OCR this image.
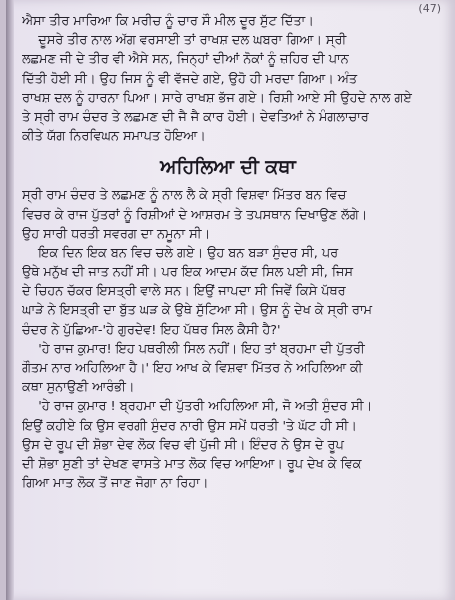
(47)
ਐਸਾ ਤੀਰ ਮਾਰਿਆ ਕਿ ਮਰੀਚ ਨੂੰ ਚਾਰ ਸੌ ਮੀਲ ਦੂਰ ਸੁੱਟ ਦਿੱਤਾ।
ਦੂਸਰੇ ਤੀਰ ਨਾਲ ਅੱਗ ਵਰਸਾਈ ਤਾਂ ਰਾਖਸ਼ ਦਲ ਘਬਰਾ ਗਿਆ। ਸ੍ਰੀ
ਲਛਮਣ ਜੀ ਦੇ ਤੀਰ ਵੀ ਐਸੇ ਸਨ, ਜਿਨ੍ਹਾਂ ਦੀਆਂ ਨੋਕਾਂ ਨੂੰ ਜ਼ਹਿਰ ਦੀ ਪਾਨ
ਦਿੱਤੀ ਹੋਈ ਸੀ। ਉਹ ਜਿਸ ਨੂੰ ਵੀ ਵੱਜਦੇ ਗਏ, ਉਹੋ ਹੀ ਮਰਦਾ ਗਿਆ। ਅੰਤ
ਰਾਖਸ਼ ਦਲ ਨੂੰ ਹਾਰਨਾ ਪਿਆ। ਸਾਰੇ ਰਾਖਸ਼ ਭੱਜ ਗਏ। ਰਿਸ਼ੀ ਆਏ ਸੀ ਉਹਦੇ ਨਾਲ ਗਏ
ਤੇ ਸ੍ਰੀ ਰਾਮ ਚੰਦਰ ਤੇ ਲਛਮਣ ਦੀ ਜੈ ਜੈ ਕਾਰ ਹੋਈ। ਦੇਵਤਿਆਂ ਨੇ ਮੰਗਲਾਚਾਰ
ਕੀਤੇ ਯੱਗ ਨਿਰਵਿਘਨ ਸਮਾਪਤ ਹੋਇਆ।
ਅਹਿਲਿਆ ਦੀ ਕਥਾ
ਸ੍ਰੀ ਰਾਮ ਚੰਦਰ ਤੇ ਲਛਮਣ ਨੂੰ ਨਾਲ ਲੈ ਕੇ ਸ੍ਰੀ ਵਿਸ਼ਵਾ ਮਿੱਤਰ ਬਨ ਵਿਚ
ਵਿਚਰ ਕੇ ਰਾਜ ਪੁੱਤਰਾਂ ਨੂੰ ਰਿਸ਼ੀਆਂ ਦੇ ਆਸ਼ਰਮ ਤੇ ਤਪਸਥਾਨ ਦਿਖਾਉਣ ਲੱਗੇ।
ਉਹ ਸਾਰੀ ਧਰਤੀ ਸਵਰਗ ਦਾ ਨਮੂਨਾ ਸੀ।
ਇਕ ਦਿਨ ਇਕ ਬਨ ਵਿਚ ਚਲੇ ਗਏ। ਉਹ ਬਨ ਬੜਾ ਸੁੰਦਰ ਸੀ, ਪਰ
ਉਥੇ ਮਨੁੱਖ ਦੀ ਜਾਤ ਨਹੀਂ ਸੀ। ਪਰ ਇਕ ਆਦਮ ਕੱਦ ਸਿਲ ਪਈ ਸੀ, ਜਿਸ
ਦੇ ਚਿਹਨ ਚੱਕਰ ਇਸਤ੍ਰੀ ਵਾਲੇ ਸਨ। ਇਉਂ ਜਾਪਦਾ ਸੀ ਜਿਵੇਂ ਕਿਸੇ ਪੱਥਰ
ਘਾੜੇ ਨੇ ਇਸਤ੍ਰੀ ਦਾ ਬੁੱਤ ਘੜ ਕੇ ਉਥੇ ਸੁੱਟਿਆ ਸੀ। ਉਸ ਨੂੰ ਦੇਖ ਕੇ ਸ੍ਰੀ ਰਾਮ
ਚੰਦਰ ਨੇ ਪੁੱਛਿਆ-'ਹੇ ਗੁਰਦੇਵ! ਇਹ ਪੱਥਰ ਸਿਲ ਕੈਸੀ ਹੈ?'
'ਹੇ ਰਾਜ ਕੁਮਾਰ! ਇਹ ਪਥਰੀਲੀ ਸਿਲ ਨਹੀਂ। ਇਹ ਤਾਂ ਬ੍ਰਹਮਾ ਦੀ ਪੁੱਤਰੀ
ਗੌਤਮ ਨਾਰ ਅਹਿਲਿਆ ਹੈ।' ਇਹ ਆਖ ਕੇ ਵਿਸ਼ਵਾ ਮਿੱਤਰ ਨੇ ਅਹਿਲਿਆ ਕੀ
ਕਥਾ ਸੁਨਾਉਣੀ ਆਰੰਭੀ।
'ਹੇ ਰਾਜ ਕੁਮਾਰ ! ਬ੍ਰਹਮਾ ਦੀ ਪੁੱਤਰੀ ਅਹਿਲਿਆ ਸੀ, ਜੋ ਅਤੀ ਸੁੰਦਰ ਸੀ।
ਇਉਂ ਕਹੀਏ ਕਿ ਉਸ ਵਰਗੀ ਸੁੰਦਰ ਨਾਰੀ ਉਸ ਸਮੇਂ ਧਰਤੀ 'ਤੇ ਘੱਟ ਹੀ ਸੀ।
ਉਸ ਦੇ ਰੂਪ ਦੀ ਸ਼ੋਭਾ ਦੇਵ ਲੋਕ ਵਿਚ ਵੀ ਪੁੱਜੀ ਸੀ। ਇੰਦਰ ਨੇ ਉਸ ਦੇ ਰੂਪ
ਦੀ ਸ਼ੋਭਾ ਸੁਣੀ ਤਾਂ ਦੇਖਣ ਵਾਸਤੇ ਮਾਤ ਲੋਕ ਵਿਚ ਆਇਆ। ਰੂਪ ਦੇਖ ਕੇ ਵਿਕ
ਗਿਆ ਮਾਤ ਲੋਕ ਤੋਂ ਜਾਣ ਜੋਗਾ ਨਾ ਰਿਹਾ।
